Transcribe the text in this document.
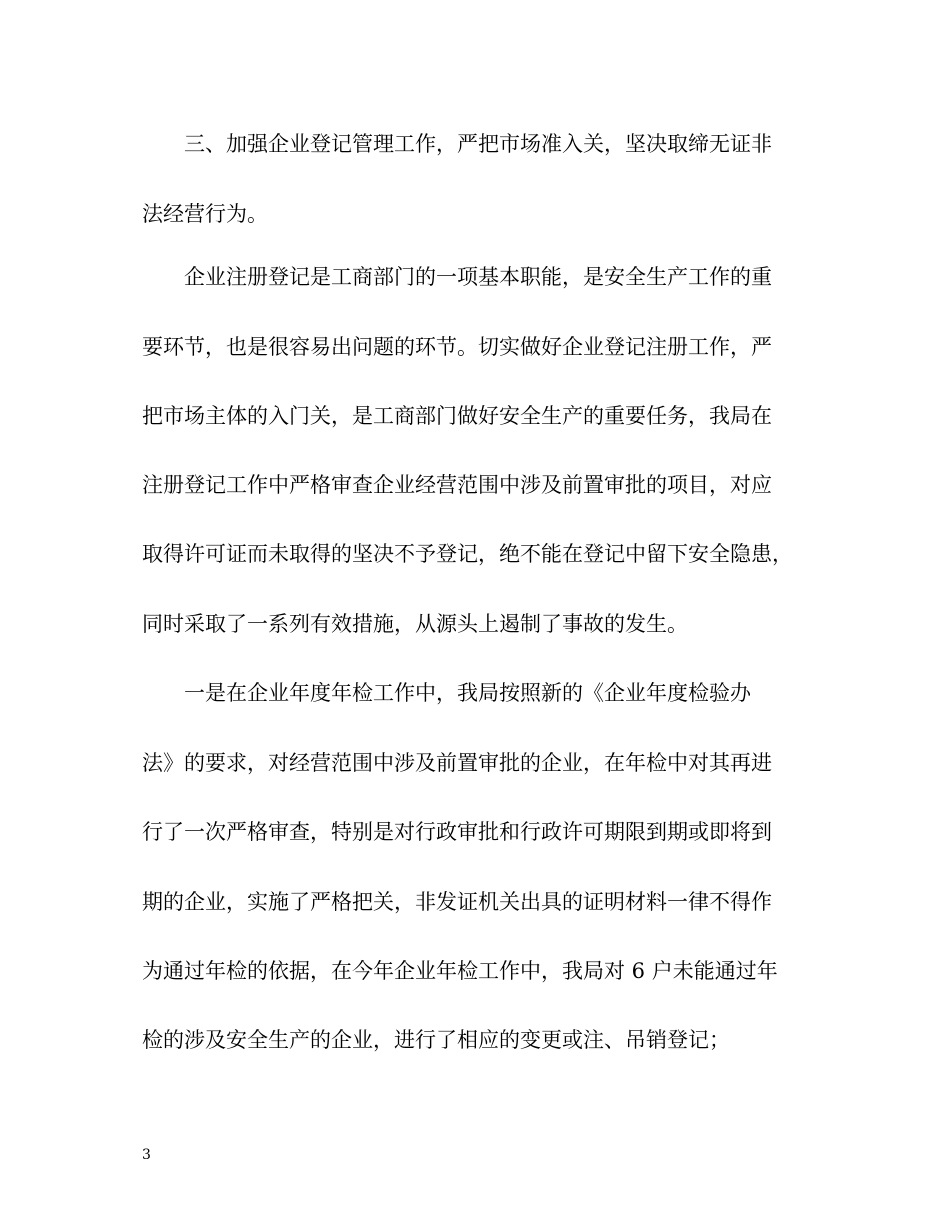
三、加强企业登记管理工作，严把市场准入关，坚决取缔无证非
法经营行为。
企业注册登记是工商部门的一项基本职能，是安全生产工作的重
要环节，也是很容易出问题的环节。切实做好企业登记注册工作，严
把市场主体的入门关，是工商部门做好安全生产的重要任务，我局在
注册登记工作中严格审查企业经营范围中涉及前置审批的项目，对应
取得许可证而未取得的坚决不予登记，绝不能在登记中留下安全隐患，
同时采取了一系列有效措施，从源头上遏制了事故的发生。
一是在企业年度年检工作中，我局按照新的《企业年度检验办
法》的要求，对经营范围中涉及前置审批的企业，在年检中对其再进
行了一次严格审查，特别是对行政审批和行政许可期限到期或即将到
期的企业，实施了严格把关，非发证机关出具的证明材料一律不得作
为通过年检的依据，在今年企业年检工作中，我局对 6 户未能通过年
检的涉及安全生产的企业，进行了相应的变更或注、吊销登记；
3
